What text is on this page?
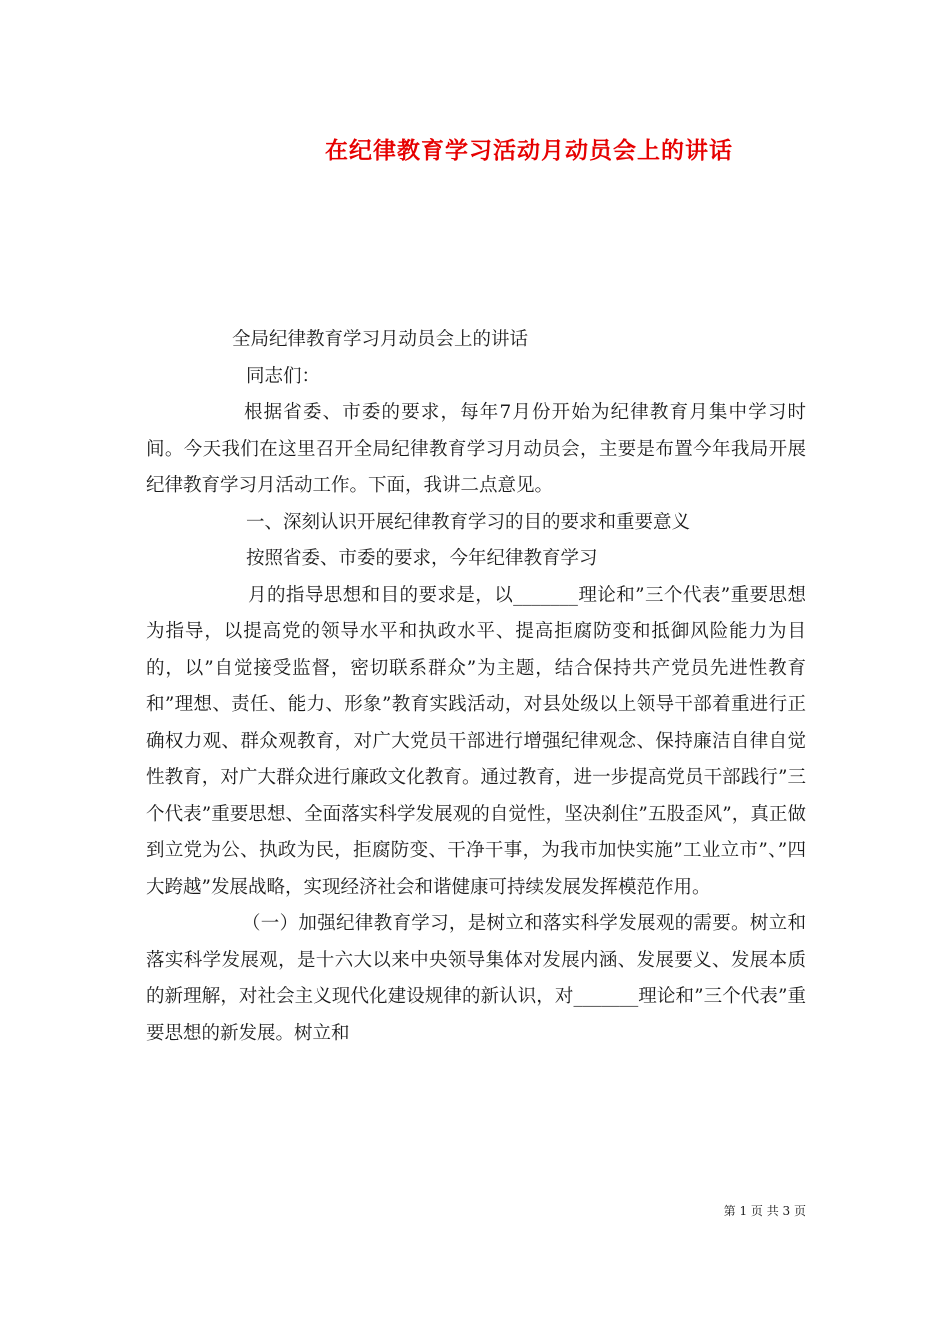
在纪律教育学习活动月动员会上的讲话

全局纪律教育学习月动员会上的讲话

同志们：

根据省委、市委的要求，每年7月份开始为纪律教育月集中学习时间。今天我们在这里召开全局纪律教育学习月动员会，主要是布置今年我局开展纪律教育学习月活动工作。下面，我讲二点意见。

一、深刻认识开展纪律教育学习的目的要求和重要意义

按照省委、市委的要求，今年纪律教育学习

月的指导思想和目的要求是，以_______理论和”三个代表”重要思想为指导，以提高党的领导水平和执政水平、提高拒腐防变和抵御风险能力为目的，以”自觉接受监督，密切联系群众”为主题，结合保持共产党员先进性教育和”理想、责任、能力、形象”教育实践活动，对县处级以上领导干部着重进行正确权力观、群众观教育，对广大党员干部进行增强纪律观念、保持廉洁自律自觉性教育，对广大群众进行廉政文化教育。通过教育，进一步提高党员干部践行”三个代表”重要思想、全面落实科学发展观的自觉性，坚决刹住”五股歪风”，真正做到立党为公、执政为民，拒腐防变、干净干事，为我市加快实施”工业立市”、”四大跨越”发展战略，实现经济社会和谐健康可持续发展发挥模范作用。

（一）加强纪律教育学习，是树立和落实科学发展观的需要。树立和落实科学发展观，是十六大以来中央领导集体对发展内涵、发展要义、发展本质的新理解，对社会主义现代化建设规律的新认识，对_______理论和”三个代表”重要思想的新发展。树立和

第 1 页 共 3 页
